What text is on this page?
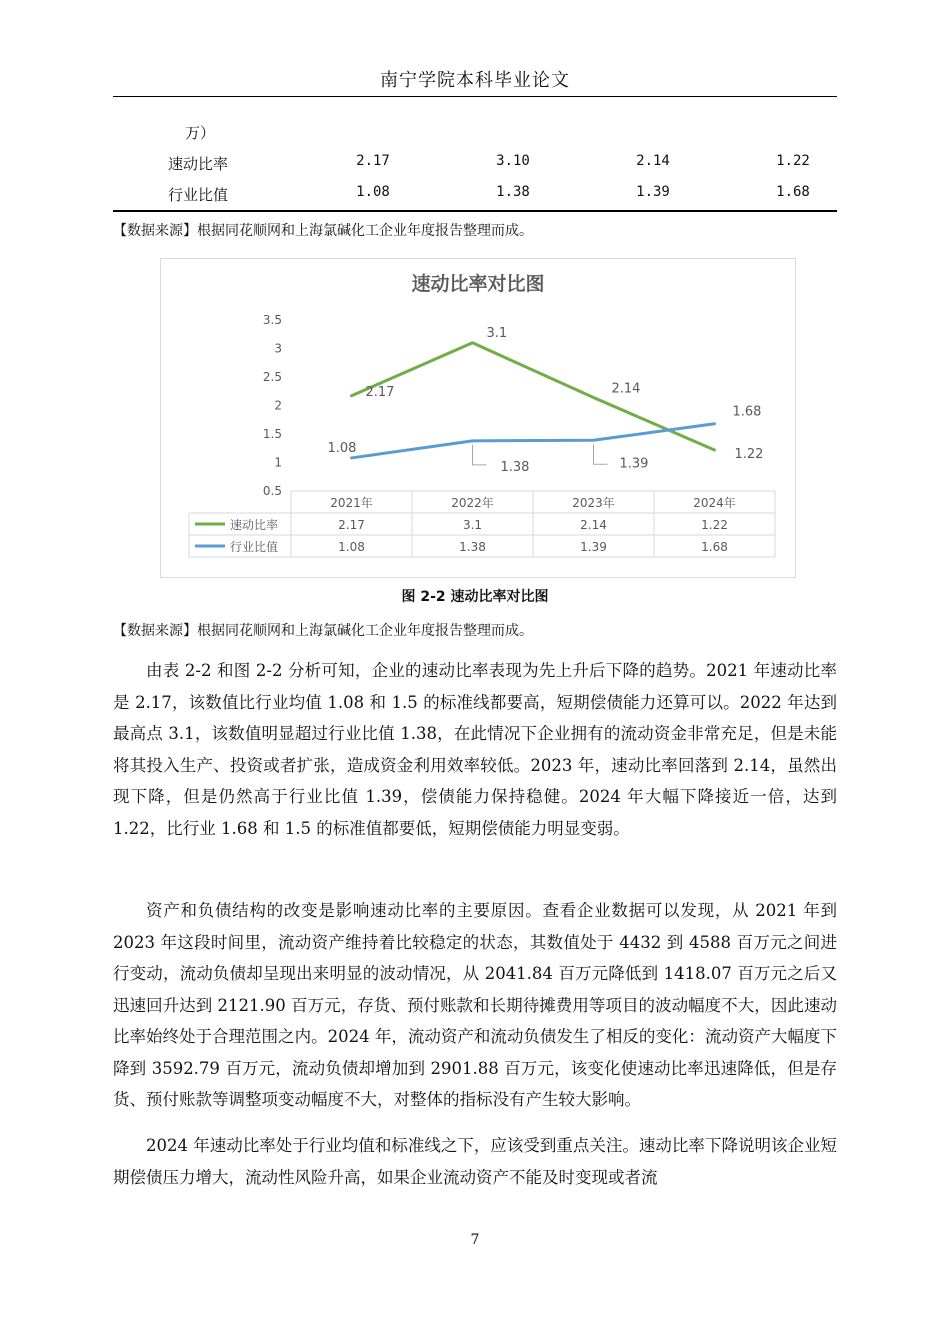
南宁学院本科毕业论文
万）
速动比率	2.17	3.10	2.14	1.22
行业比值	1.08	1.38	1.39	1.68
【数据来源】根据同花顺网和上海氯碱化工企业年度报告整理而成。
速动比率对比图
0.5
1
1.5
2
2.5
3
3.5
2.17
3.1
2.14
1.22
1.08
1.38	1.39
1.68
2021年	2022年	2023年	2024年
速动比率	2.17	3.1	2.14	1.22
行业比值	1.08	1.38	1.39	1.68
图 2-2 速动比率对比图
【数据来源】根据同花顺网和上海氯碱化工企业年度报告整理而成。

由表 2-2 和图 2-2 分析可知，企业的速动比率表现为先上升后下降的趋势。2021 年速动比率是 2.17，该数值比行业均值 1.08 和 1.5 的标准线都要高，短期偿债能力还算可以。2022 年达到最高点 3.1，该数值明显超过行业比值 1.38，在此情况下企业拥有的流动资金非常充足，但是未能将其投入生产、投资或者扩张，造成资金利用效率较低。2023 年，速动比率回落到 2.14，虽然出现下降，但是仍然高于行业比值 1.39，偿债能力保持稳健。2024 年大幅下降接近一倍，达到 1.22，比行业 1.68 和 1.5 的标准值都要低，短期偿债能力明显变弱。

资产和负债结构的改变是影响速动比率的主要原因。查看企业数据可以发现，从 2021 年到 2023 年这段时间里，流动资产维持着比较稳定的状态，其数值处于 4432 到 4588 百万元之间进行变动，流动负债却呈现出来明显的波动情况，从 2041.84 百万元降低到 1418.07 百万元之后又迅速回升达到 2121.90 百万元，存货、预付账款和长期待摊费用等项目的波动幅度不大，因此速动比率始终处于合理范围之内。2024 年，流动资产和流动负债发生了相反的变化：流动资产大幅度下降到 3592.79 百万元，流动负债却增加到 2901.88 百万元，该变化使速动比率迅速降低，但是存货、预付账款等调整项变动幅度不大，对整体的指标没有产生较大影响。

2024 年速动比率处于行业均值和标准线之下，应该受到重点关注。速动比率下降说明该企业短期偿债压力增大，流动性风险升高，如果企业流动资产不能及时变现或者流

7
